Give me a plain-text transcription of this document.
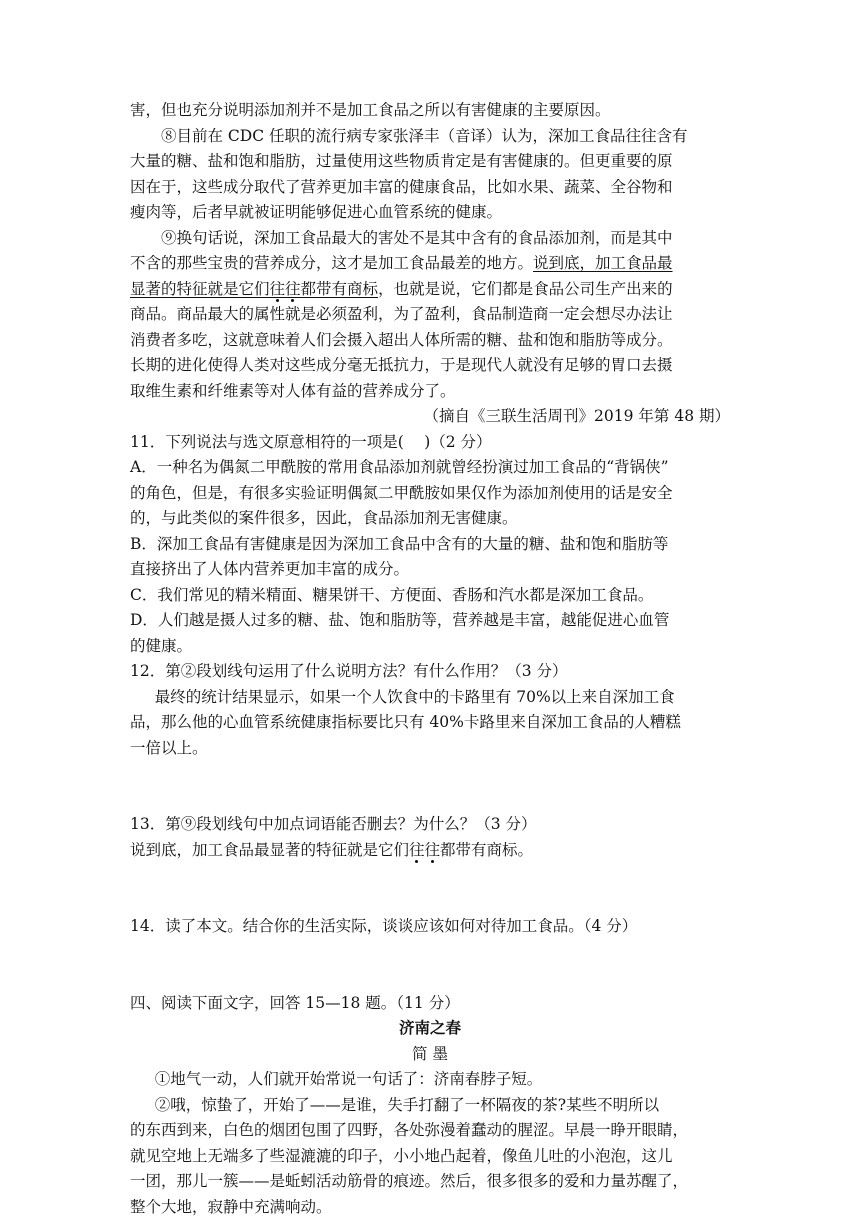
害，但也充分说明添加剂并不是加工食品之所以有害健康的主要原因。
⑧目前在 CDC 任职的流行病专家张泽丰（音译）认为，深加工食品往往含有
大量的糖、盐和饱和脂肪，过量使用这些物质肯定是有害健康的。但更重要的原
因在于，这些成分取代了营养更加丰富的健康食品，比如水果、蔬菜、全谷物和
瘦肉等，后者早就被证明能够促进心血管系统的健康。
⑨换句话说，深加工食品最大的害处不是其中含有的食品添加剂，而是其中
不含的那些宝贵的营养成分，这才是加工食品最差的地方。说到底，加工食品最
显著的特征就是它们往往都带有商标，也就是说，它们都是食品公司生产出来的
商品。商品最大的属性就是必须盈利，为了盈利，食品制造商一定会想尽办法让
消费者多吃，这就意味着人们会摄入超出人体所需的糖、盐和饱和脂肪等成分。
长期的进化使得人类对这些成分毫无抵抗力，于是现代人就没有足够的胃口去摄
取维生素和纤维素等对人体有益的营养成分了。
（摘自《三联生活周刊》2019 年第 48 期）
11．下列说法与选文原意相符的一项是(　 )（2 分）
A．一种名为偶氮二甲酰胺的常用食品添加剂就曾经扮演过加工食品的“背锅侠”
的角色，但是，有很多实验证明偶氮二甲酰胺如果仅作为添加剂使用的话是安全
的，与此类似的案件很多，因此，食品添加剂无害健康。
B．深加工食品有害健康是因为深加工食品中含有的大量的糖、盐和饱和脂肪等
直接挤出了人体内营养更加丰富的成分。
C．我们常见的精米精面、糖果饼干、方便面、香肠和汽水都是深加工食品。
D．人们越是摄人过多的糖、盐、饱和脂肪等，营养越是丰富，越能促进心血管
的健康。
12．第②段划线句运用了什么说明方法？有什么作用？（3 分）
最终的统计结果显示，如果一个人饮食中的卡路里有 70%以上来自深加工食
品，那么他的心血管系统健康指标要比只有 40%卡路里来自深加工食品的人糟糕
一倍以上。
13．第⑨段划线句中加点词语能否删去？为什么？（3 分）
说到底，加工食品最显著的特征就是它们往往都带有商标。
14．读了本文。结合你的生活实际，谈谈应该如何对待加工食品。（4 分）
四、阅读下面文字，回答 15—18 题。（11 分）
济南之春
简 墨
①地气一动，人们就开始常说一句话了：济南春脖子短。
②哦，惊蛰了，开始了——是谁，失手打翻了一杯隔夜的茶?某些不明所以
的东西到来，白色的烟团包围了四野，各处弥漫着蠢动的腥涩。早晨一睁开眼睛，
就见空地上无端多了些湿漉漉的印子，小小地凸起着，像鱼儿吐的小泡泡，这儿
一团，那儿一簇——是蚯蚓活动筋骨的痕迹。然后，很多很多的爱和力量苏醒了，
整个大地，寂静中充满响动。
